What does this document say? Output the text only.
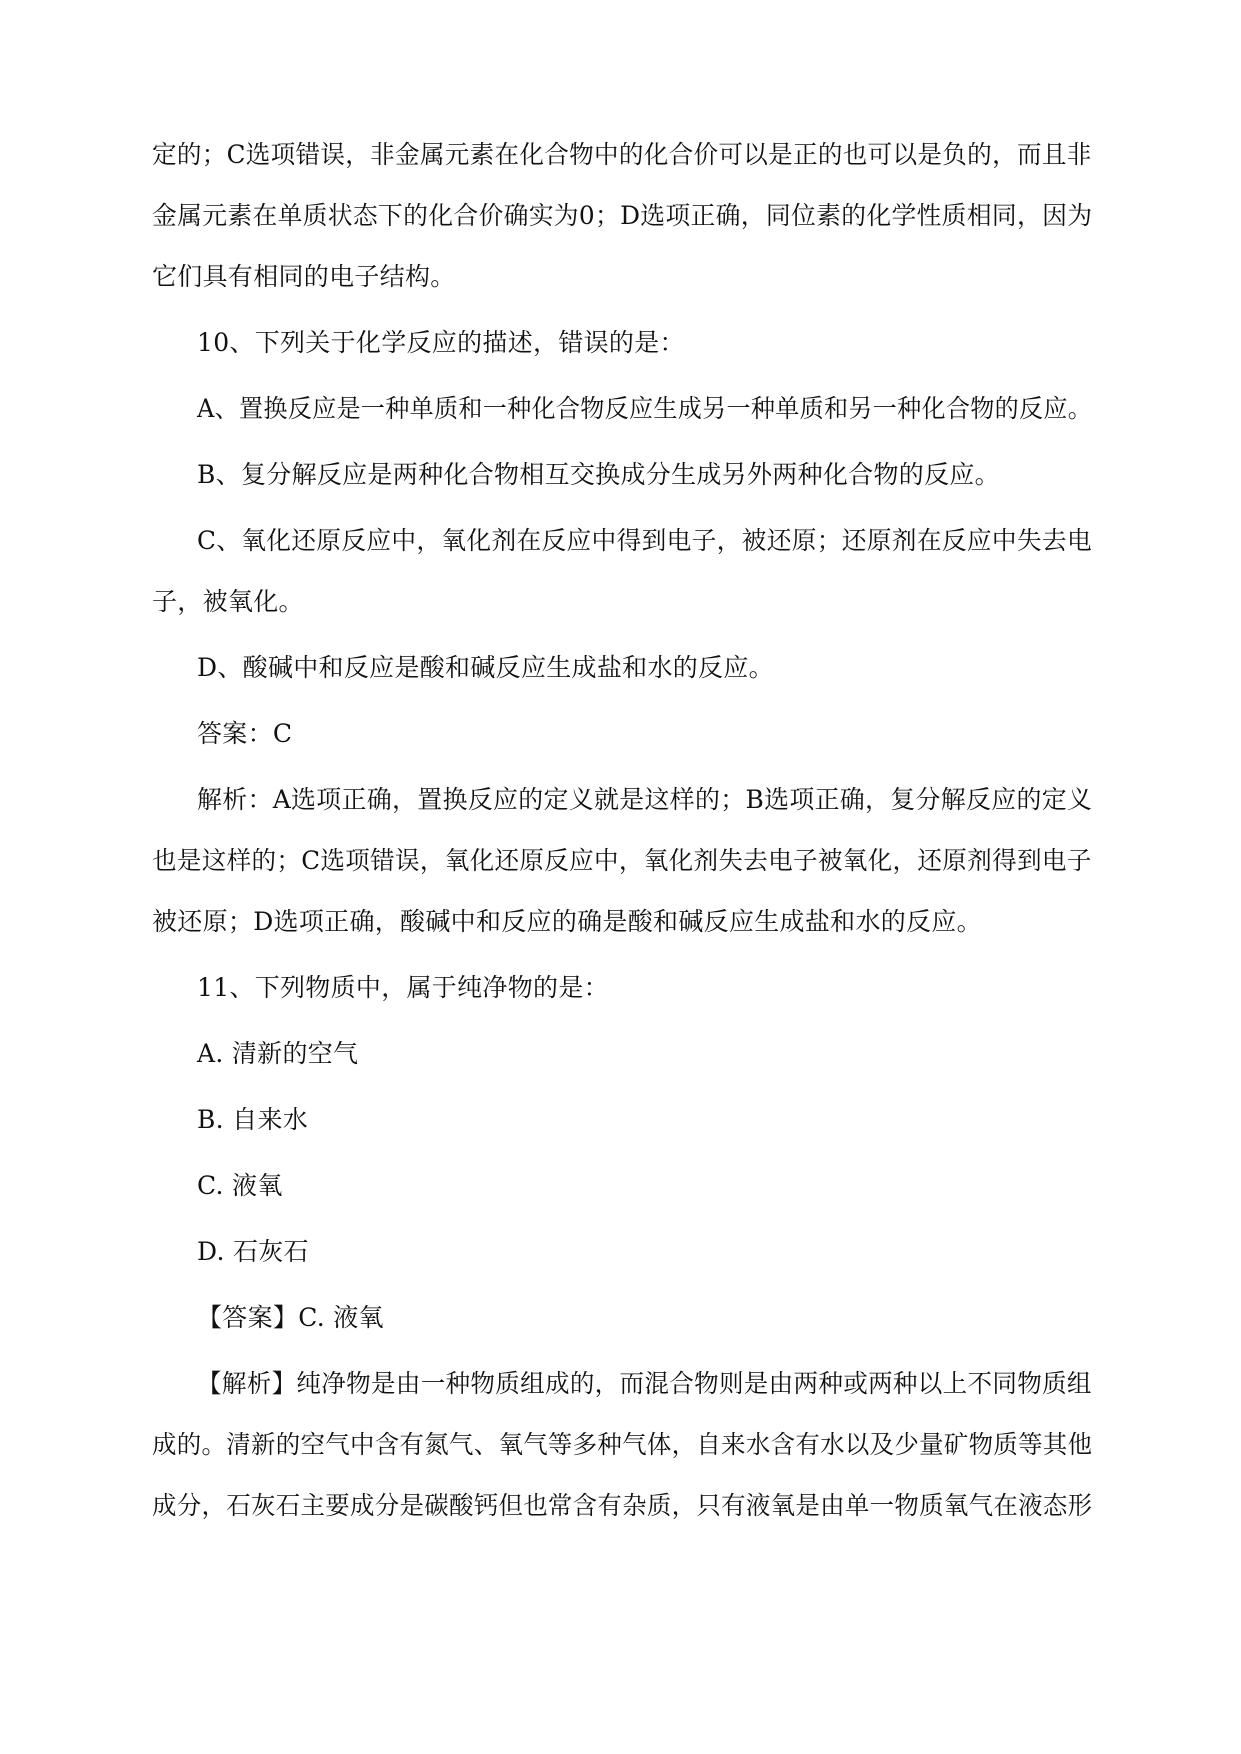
定的；C选项错误，非金属元素在化合物中的化合价可以是正的也可以是负的，而且非
金属元素在单质状态下的化合价确实为0；D选项正确，同位素的化学性质相同，因为
它们具有相同的电子结构。
10、下列关于化学反应的描述，错误的是：
A、置换反应是一种单质和一种化合物反应生成另一种单质和另一种化合物的反应。
B、复分解反应是两种化合物相互交换成分生成另外两种化合物的反应。
C、氧化还原反应中，氧化剂在反应中得到电子，被还原；还原剂在反应中失去电
子，被氧化。
D、酸碱中和反应是酸和碱反应生成盐和水的反应。
答案：C
解析：A选项正确，置换反应的定义就是这样的；B选项正确，复分解反应的定义
也是这样的；C选项错误，氧化还原反应中，氧化剂失去电子被氧化，还原剂得到电子
被还原；D选项正确，酸碱中和反应的确是酸和碱反应生成盐和水的反应。
11、下列物质中，属于纯净物的是：
A. 清新的空气
B. 自来水
C. 液氧
D. 石灰石
【答案】C. 液氧
【解析】纯净物是由一种物质组成的，而混合物则是由两种或两种以上不同物质组
成的。清新的空气中含有氮气、氧气等多种气体，自来水含有水以及少量矿物质等其他
成分，石灰石主要成分是碳酸钙但也常含有杂质，只有液氧是由单一物质氧气在液态形
